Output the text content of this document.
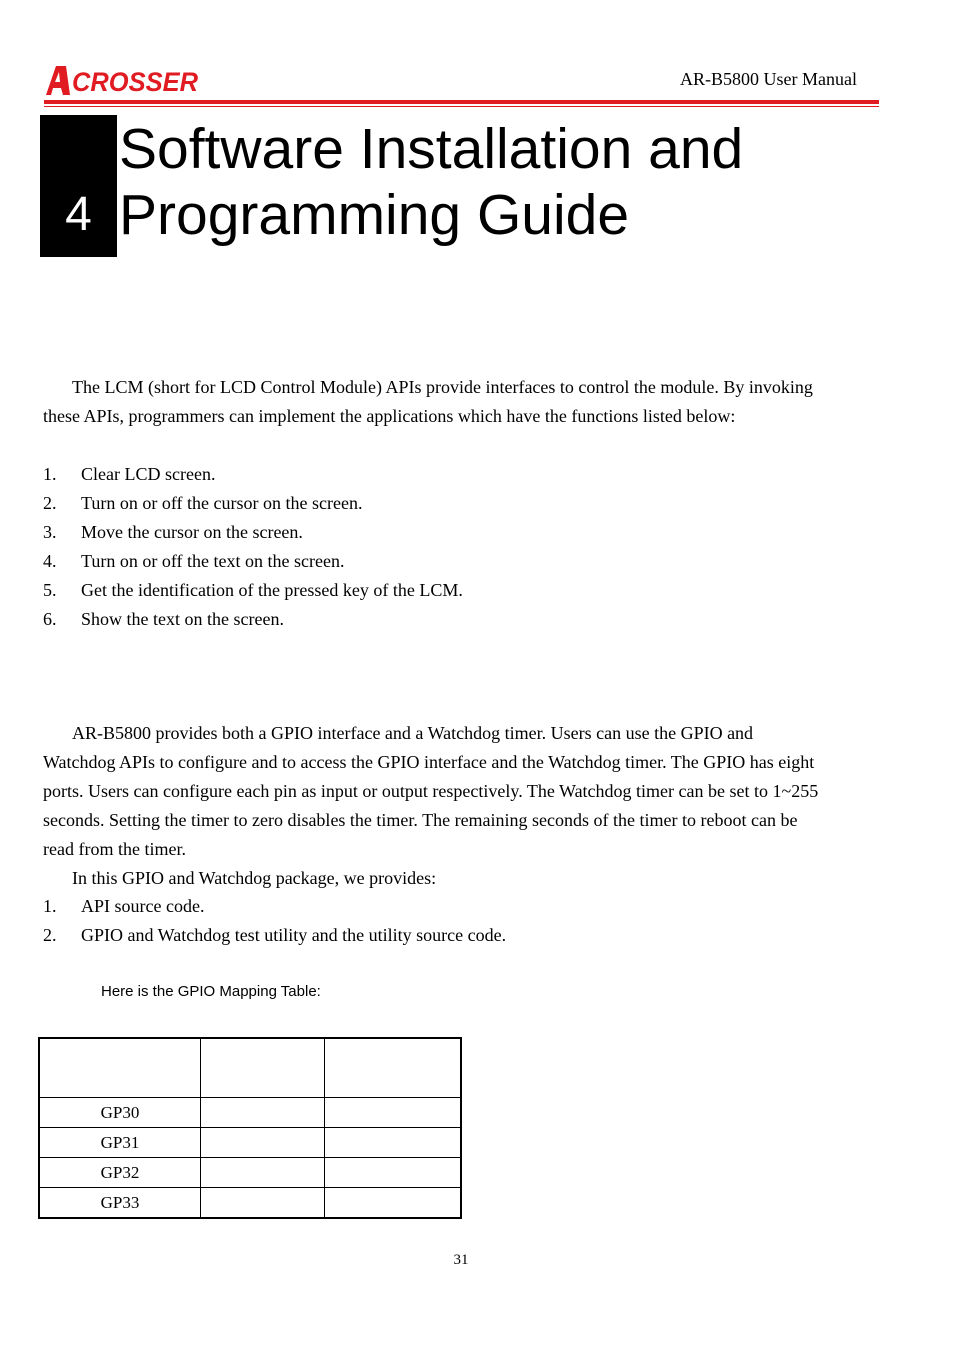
CROSSER	AR-B5800 User Manual
4
Software Installation and
Programming Guide

The LCM (short for LCD Control Module) APIs provide interfaces to control the module. By invoking
these APIs, programmers can implement the applications which have the functions listed below:

1.	Clear LCD screen.
2.	Turn on or off the cursor on the screen.
3.	Move the cursor on the screen.
4.	Turn on or off the text on the screen.
5.	Get the identification of the pressed key of the LCM.
6.	Show the text on the screen.

AR-B5800 provides both a GPIO interface and a Watchdog timer. Users can use the GPIO and
Watchdog APIs to configure and to access the GPIO interface and the Watchdog timer. The GPIO has eight
ports. Users can configure each pin as input or output respectively. The Watchdog timer can be set to 1~255
seconds. Setting the timer to zero disables the timer. The remaining seconds of the timer to reboot can be
read from the timer.
In this GPIO and Watchdog package, we provides:

1.	API source code.
2.	GPIO and Watchdog test utility and the utility source code.
Here is the GPIO Mapping Table:

GP30		
GP31		
GP32		
GP33		
31
